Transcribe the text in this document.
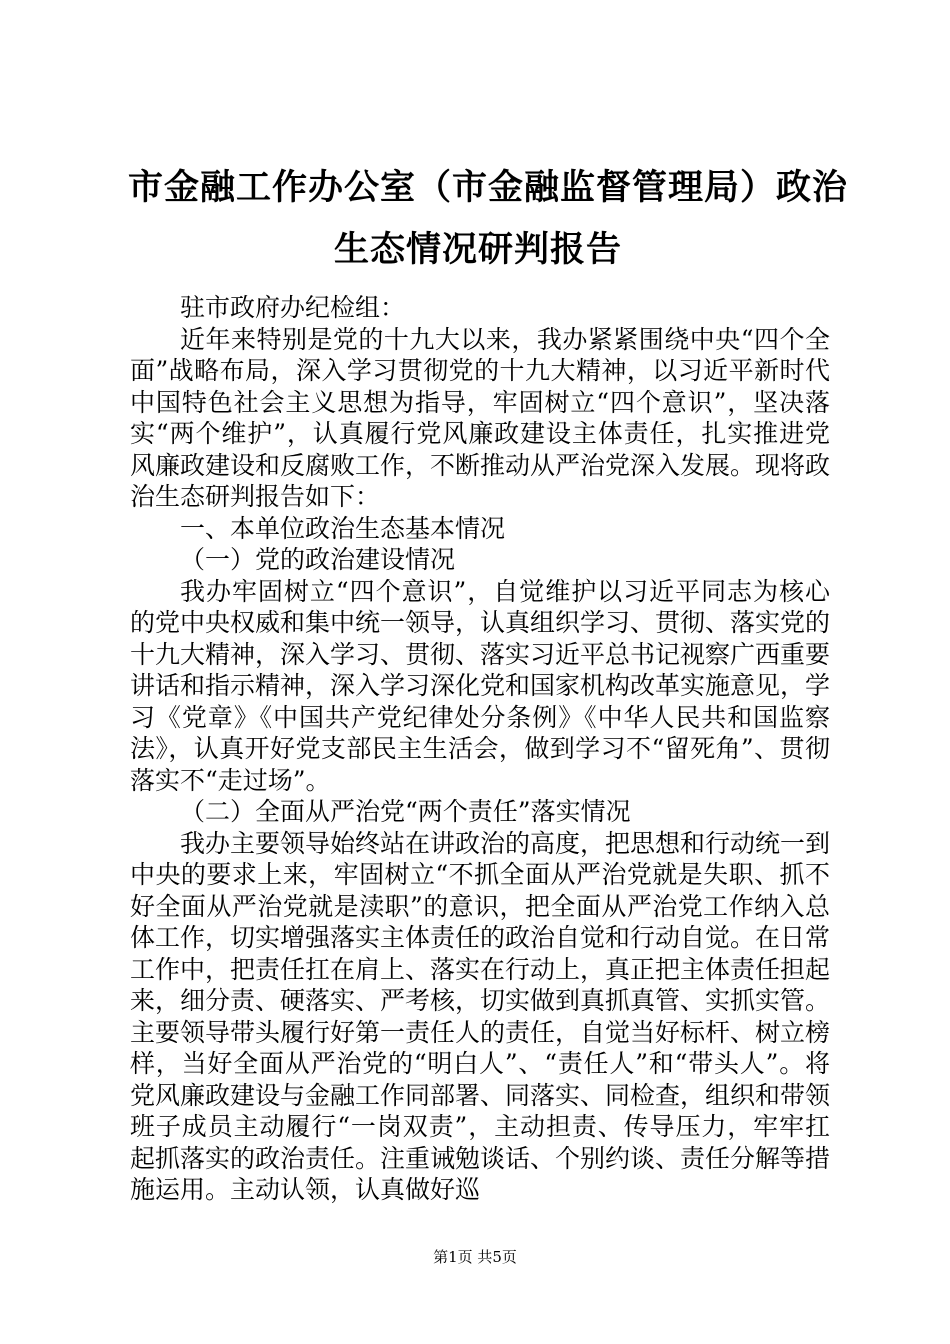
市金融工作办公室（市金融监督管理局）政治
生态情况研判报告

驻市政府办纪检组：

近年来特别是党的十九大以来，我办紧紧围绕中央“四个全面”战略布局，深入学习贯彻党的十九大精神，以习近平新时代中国特色社会主义思想为指导，牢固树立“四个意识”，坚决落实“两个维护”，认真履行党风廉政建设主体责任，扎实推进党风廉政建设和反腐败工作，不断推动从严治党深入发展。现将政治生态研判报告如下：

一、本单位政治生态基本情况

（一）党的政治建设情况

我办牢固树立“四个意识”，自觉维护以习近平同志为核心的党中央权威和集中统一领导，认真组织学习、贯彻、落实党的十九大精神，深入学习、贯彻、落实习近平总书记视察广西重要讲话和指示精神，深入学习深化党和国家机构改革实施意见，学习《党章》《中国共产党纪律处分条例》《中华人民共和国监察法》，认真开好党支部民主生活会，做到学习不“留死角”、贯彻落实不“走过场”。

（二）全面从严治党“两个责任”落实情况

我办主要领导始终站在讲政治的高度，把思想和行动统一到中央的要求上来，牢固树立“不抓全面从严治党就是失职、抓不好全面从严治党就是渎职”的意识，把全面从严治党工作纳入总体工作，切实增强落实主体责任的政治自觉和行动自觉。在日常工作中，把责任扛在肩上、落实在行动上，真正把主体责任担起来，细分责、硬落实、严考核，切实做到真抓真管、实抓实管。主要领导带头履行好第一责任人的责任，自觉当好标杆、树立榜样，当好全面从严治党的“明白人”、“责任人”和“带头人”。将党风廉政建设与金融工作同部署、同落实、同检查，组织和带领班子成员主动履行“一岗双责”，主动担责、传导压力，牢牢扛起抓落实的政治责任。注重诫勉谈话、个别约谈、责任分解等措施运用。主动认领，认真做好巡

第1页 共5页
